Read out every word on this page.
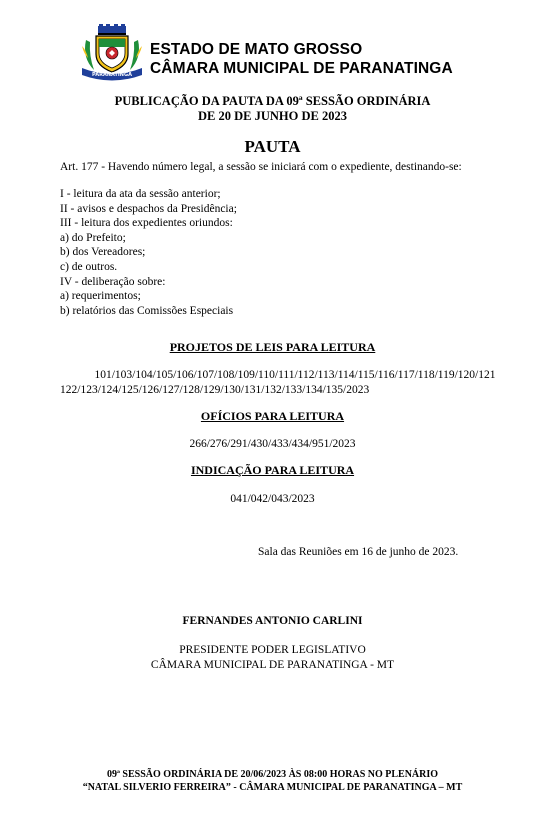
PARANATINGA
ESTADO DE MATO GROSSO
CÂMARA MUNICIPAL DE PARANATINGA
PUBLICAÇÃO DA PAUTA DA 09ª SESSÃO ORDINÁRIA
DE 20 DE JUNHO DE 2023
PAUTA
Art. 177 - Havendo número legal, a sessão se iniciará com o expediente, destinando-se:
I - leitura da ata da sessão anterior;
II - avisos e despachos da Presidência;
III - leitura dos expedientes oriundos:
a) do Prefeito;
b) dos Vereadores;
c) de outros.
IV - deliberação sobre:
a) requerimentos;
b) relatórios das Comissões Especiais
PROJETOS DE LEIS PARA LEITURA
101/103/104/105/106/107/108/109/110/111/112/113/114/115/116/117/118/119/120/121
122/123/124/125/126/127/128/129/130/131/132/133/134/135/2023
OFÍCIOS PARA LEITURA
266/276/291/430/433/434/951/2023
INDICAÇÃO PARA LEITURA
041/042/043/2023
Sala das Reuniões em 16 de junho de 2023.
FERNANDES ANTONIO CARLINI
PRESIDENTE PODER LEGISLATIVO
CÂMARA MUNICIPAL DE PARANATINGA - MT
09ª SESSÃO ORDINÁRIA DE 20/06/2023 ÀS 08:00 HORAS NO PLENÁRIO
“NATAL SILVERIO FERREIRA” - CÂMARA MUNICIPAL DE PARANATINGA – MT
